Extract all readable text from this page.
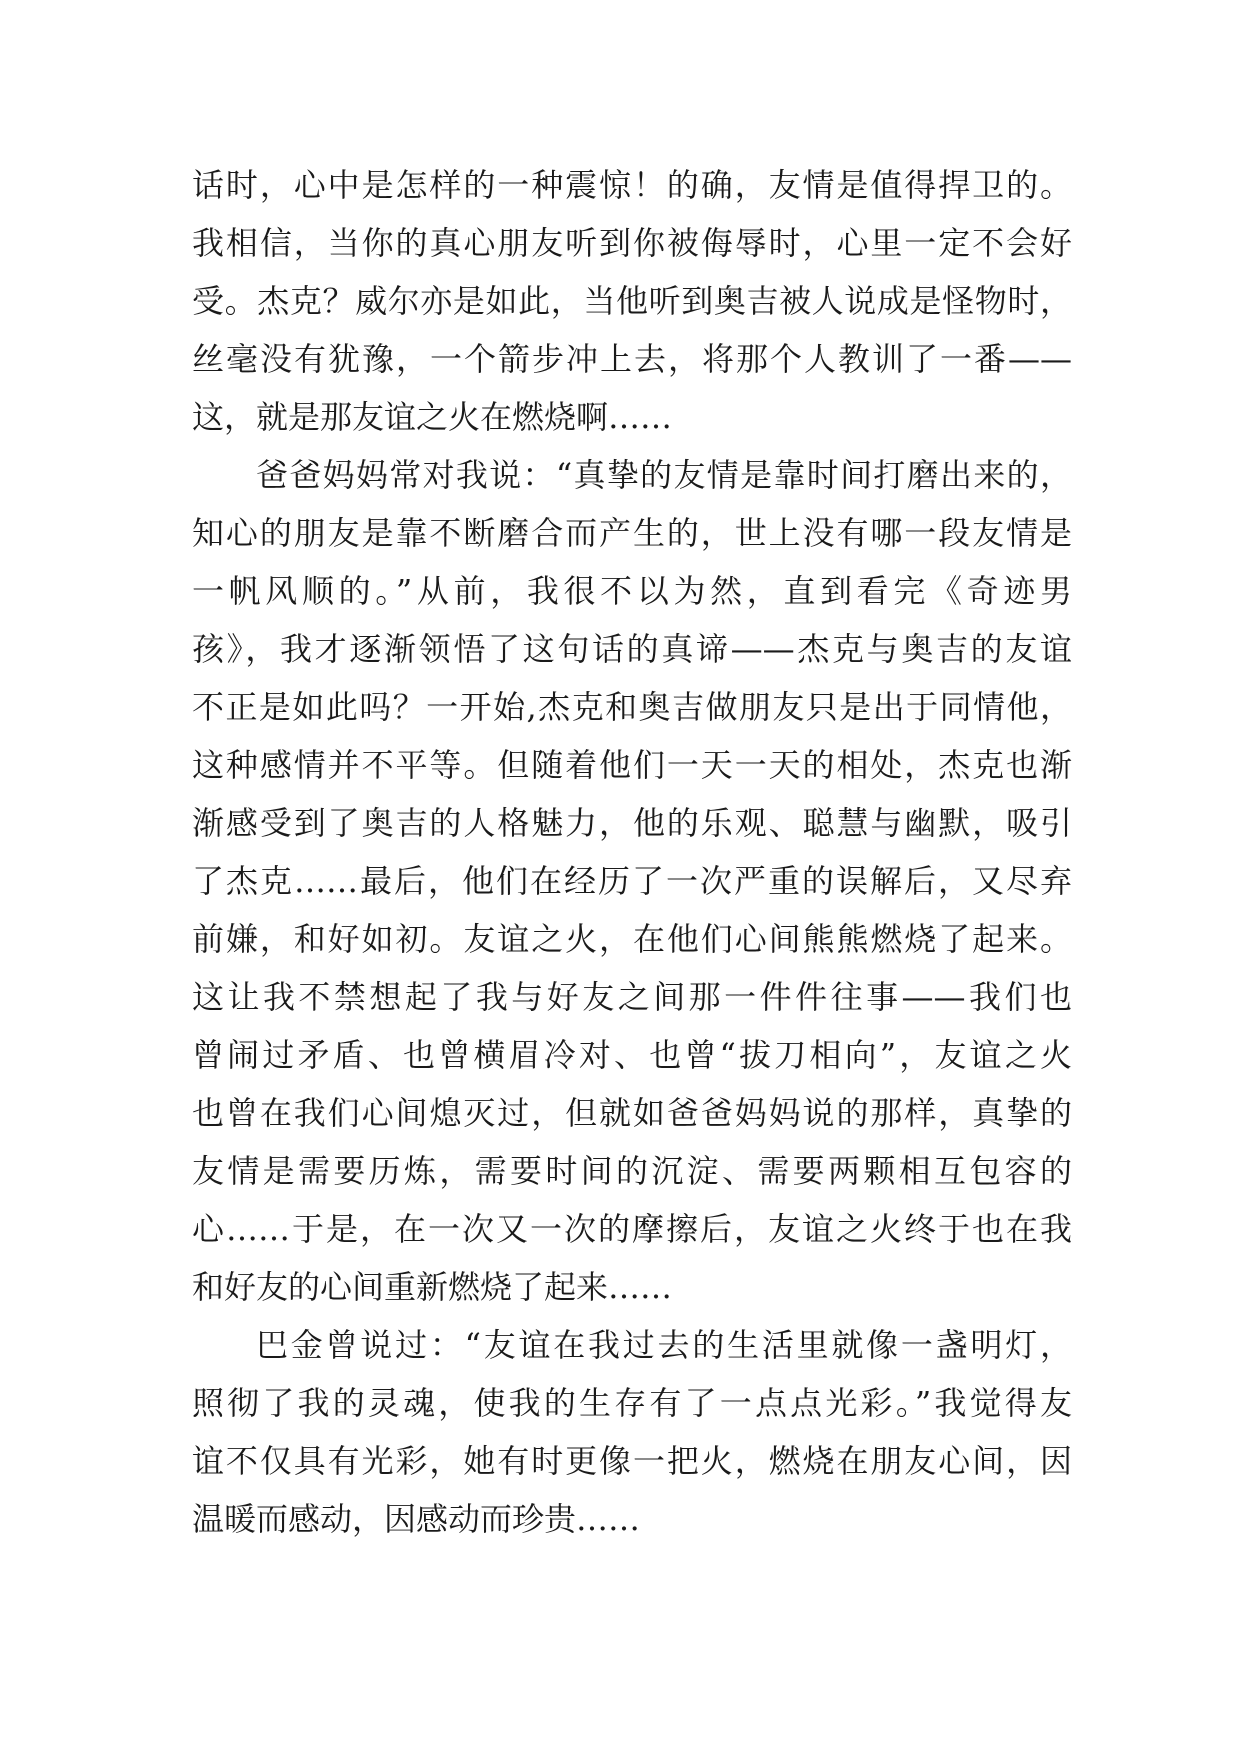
话时，心中是怎样的一种震惊！的确，友情是值得捍卫的。
我相信，当你的真心朋友听到你被侮辱时，心里一定不会好
受。杰克？威尔亦是如此，当他听到奥吉被人说成是怪物时，
丝毫没有犹豫，一个箭步冲上去，将那个人教训了一番——
这，就是那友谊之火在燃烧啊……
爸爸妈妈常对我说：“真挚的友情是靠时间打磨出来的，
知心的朋友是靠不断磨合而产生的，世上没有哪一段友情是
一帆风顺的。”从前，我很不以为然，直到看完《奇迹男
孩》，我才逐渐领悟了这句话的真谛——杰克与奥吉的友谊
不正是如此吗？一开始,杰克和奥吉做朋友只是出于同情他，
这种感情并不平等。但随着他们一天一天的相处，杰克也渐
渐感受到了奥吉的人格魅力，他的乐观、聪慧与幽默，吸引
了杰克……最后，他们在经历了一次严重的误解后，又尽弃
前嫌，和好如初。友谊之火，在他们心间熊熊燃烧了起来。
这让我不禁想起了我与好友之间那一件件往事——我们也
曾闹过矛盾、也曾横眉冷对、也曾“拔刀相向”，友谊之火
也曾在我们心间熄灭过，但就如爸爸妈妈说的那样，真挚的
友情是需要历炼，需要时间的沉淀、需要两颗相互包容的
心……于是，在一次又一次的摩擦后，友谊之火终于也在我
和好友的心间重新燃烧了起来……
巴金曾说过：“友谊在我过去的生活里就像一盏明灯，
照彻了我的灵魂，使我的生存有了一点点光彩。”我觉得友
谊不仅具有光彩，她有时更像一把火，燃烧在朋友心间，因
温暖而感动，因感动而珍贵……
